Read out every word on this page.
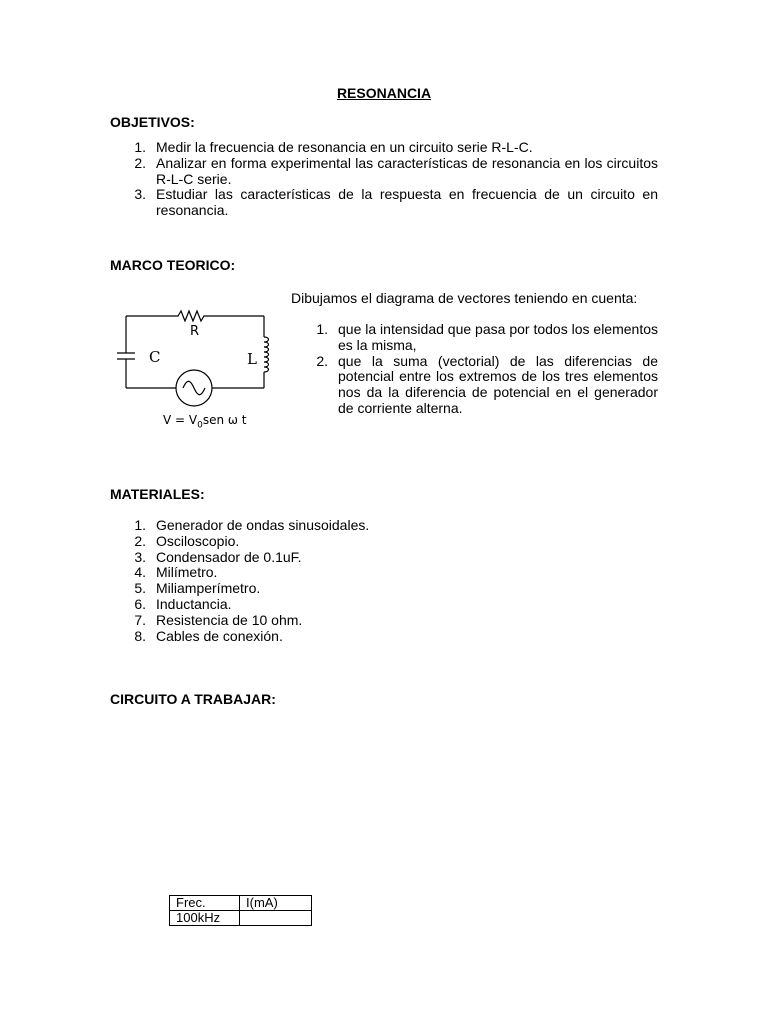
RESONANCIA
OBJETIVOS:
1. Medir la frecuencia de resonancia en un circuito serie R-L-C.
2. Analizar en forma experimental las características de resonancia en los circuitos R-L-C serie.
3. Estudiar las características de la respuesta en frecuencia de un circuito en resonancia.
MARCO TEORICO:
R
C	L
$V = V_0sen$ ω t
Dibujamos el diagrama de vectores teniendo en cuenta:
1. que la intensidad que pasa por todos los elementos es la misma,
2. que la suma (vectorial) de las diferencias de potencial entre los extremos de los tres elementos nos da la diferencia de potencial en el generador de corriente alterna.
MATERIALES:
1. Generador de ondas sinusoidales.
2. Osciloscopio.
3. Condensador de 0.1uF.
4. Milímetro.
5. Miliamperímetro.
6. Inductancia.
7. Resistencia de 10 ohm.
8. Cables de conexión.
CIRCUITO A TRABAJAR:
Frec.	I(mA)
100kHz	
